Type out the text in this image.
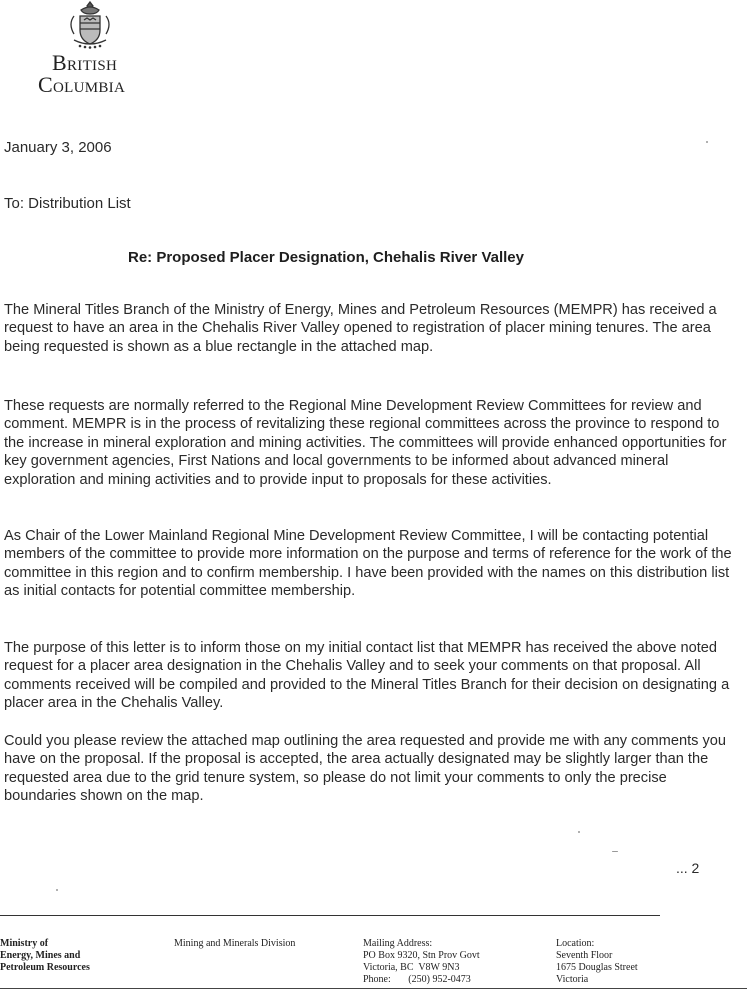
British
Columbia
January 3, 2006
To: Distribution List
Re: Proposed Placer Designation, Chehalis River Valley
The Mineral Titles Branch of the Ministry of Energy, Mines and Petroleum Resources (MEMPR) has received a request to have an area in the Chehalis River Valley opened to registration of placer mining tenures. The area being requested is shown as a blue rectangle in the attached map.
These requests are normally referred to the Regional Mine Development Review Committees for review and comment. MEMPR is in the process of revitalizing these regional committees across the province to respond to the increase in mineral exploration and mining activities. The committees will provide enhanced opportunities for key government agencies, First Nations and local governments to be informed about advanced mineral exploration and mining activities and to provide input to proposals for these activities.
As Chair of the Lower Mainland Regional Mine Development Review Committee, I will be contacting potential members of the committee to provide more information on the purpose and terms of reference for the work of the committee in this region and to confirm membership. I have been provided with the names on this distribution list as initial contacts for potential committee membership.
The purpose of this letter is to inform those on my initial contact list that MEMPR has received the above noted request for a placer area designation in the Chehalis Valley and to seek your comments on that proposal. All comments received will be compiled and provided to the Mineral Titles Branch for their decision on designating a placer area in the Chehalis Valley.
Could you please review the attached map outlining the area requested and provide me with any comments you have on the proposal. If the proposal is accepted, the area actually designated may be slightly larger than the requested area due to the grid tenure system, so please do not limit your comments to only the precise boundaries shown on the map.
... 2
Ministry of
Energy, Mines and
Petroleum Resources
Mining and Minerals Division	Mailing Address:
PO Box 9320, Stn Prov Govt
Victoria, BC  V8W 9N3
Phone:       (250) 952-0473
Location:
Seventh Floor
1675 Douglas Street
Victoria
